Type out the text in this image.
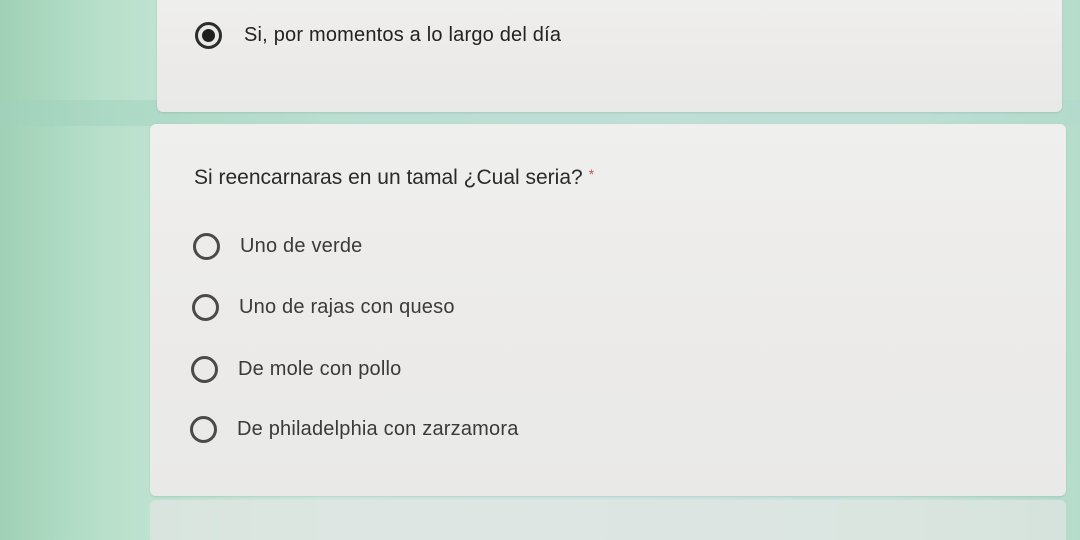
Si, por momentos a lo largo del día
Si reencarnaras en un tamal ¿Cual seria? *
Uno de verde
Uno de rajas con queso
De mole con pollo
De philadelphia con zarzamora
